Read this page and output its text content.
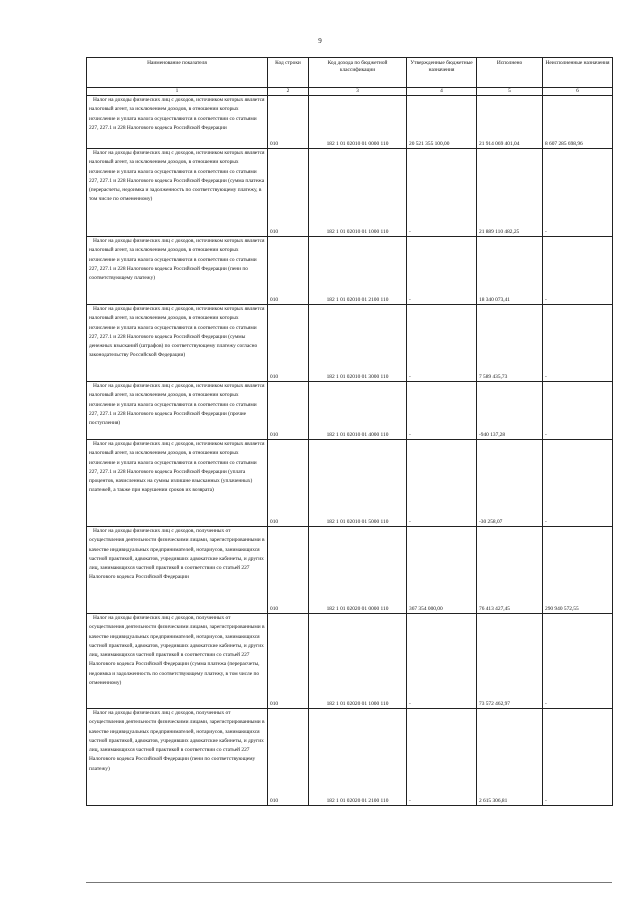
9
Наименование показателя	Код строки	Код дохода по бюджетной классификации	Утвержденные бюджетные назначения	Исполнено	Неисполненные назначения
1	2	3	4	5	6
Налог на доходы физических лиц с доходов, источником которых является налоговый агент, за исключением доходов, в отношении которых исчисление и уплата налога осуществляются в соответствии со статьями 227, 227.1 и 228 Налогового кодекса Российской Федерации	010	182 1 01 02010 01 0000 110	20 521 355 100,00	21 914 069 401,04	8 607 285 698,96
Налог на доходы физических лиц с доходов, источником которых является налоговый агент, за исключением доходов, в отношении которых исчисление и уплата налога осуществляются в соответствии со статьями 227, 227.1 и 228 Налогового кодекса Российской Федерации (сумма платежа (перерасчеты, недоимка и задолженность по соответствующему платежу, в том числе по отмененному)	010	182 1 01 02010 01 1000 110	-	21 889 110 482,25	-
Налог на доходы физических лиц с доходов, источником которых является налоговый агент, за исключением доходов, в отношении которых исчисление и уплата налога осуществляются в соответствии со статьями 227, 227.1 и 228 Налогового кодекса Российской Федерации (пени по соответствующему платежу)	010	182 1 01 02010 01 2100 110	-	18 340 073,41	-
Налог на доходы физических лиц с доходов, источником которых является налоговый агент, за исключением доходов, в отношении которых исчисление и уплата налога осуществляются в соответствии со статьями 227, 227.1 и 228 Налогового кодекса Российской Федерации (суммы денежных взысканий (штрафов) по соответствующему платежу согласно законодательству Российской Федерации)	010	182 1 01 02010 01 3000 110	-	7 589 435,73	-
Налог на доходы физических лиц с доходов, источником которых является налоговый агент, за исключением доходов, в отношении которых исчисление и уплата налога осуществляются в соответствии со статьями 227, 227.1 и 228 Налогового кодекса Российской Федерации (прочие поступления)	010	182 1 01 02010 01 4000 110	-	-940 137,28	-
Налог на доходы физических лиц с доходов, источником которых является налоговый агент, за исключением доходов, в отношении которых исчисление и уплата налога осуществляются в соответствии со статьями 227, 227.1 и 228 Налогового кодекса Российской Федерации (уплата процентов, начисленных на суммы излишне взысканных (уплаченных) платежей, а также при нарушении сроков их возврата)	010	182 1 01 02010 01 5000 110	-	-30 258,07	-
Налог на доходы физических лиц с доходов, полученных от осуществления деятельности физическими лицами, зарегистрированными в качестве индивидуальных предпринимателей, нотариусов, занимающихся частной практикой, адвокатов, учредивших адвокатские кабинеты, и других лиц, занимающихся частной практикой в соответствии со статьей 227 Налогового кодекса Российской Федерации	010	182 1 01 02020 01 0000 110	367 354 000,00	76 413 427,45	290 940 572,55
Налог на доходы физических лиц с доходов, полученных от осуществления деятельности физическими лицами, зарегистрированными в качестве индивидуальных предпринимателей, нотариусов, занимающихся частной практикой, адвокатов, учредивших адвокатские кабинеты, и других лиц, занимающихся частной практикой в соответствии со статьей 227 Налогового кодекса Российской Федерации (сумма платежа (перерасчеты, недоимка и задолженность по соответствующему платежу, в том числе по отмененному)	010	182 1 01 02020 01 1000 110	-	73 572 462,97	-
Налог на доходы физических лиц с доходов, полученных от осуществления деятельности физическими лицами, зарегистрированными в качестве индивидуальных предпринимателей, нотариусов, занимающихся частной практикой, адвокатов, учредивших адвокатские кабинеты, и других лиц, занимающихся частной практикой в соответствии со статьей 227 Налогового кодекса Российской Федерации (пени по соответствующему платежу)	010	182 1 01 02020 01 2100 110	-	2 615 306,81	-
